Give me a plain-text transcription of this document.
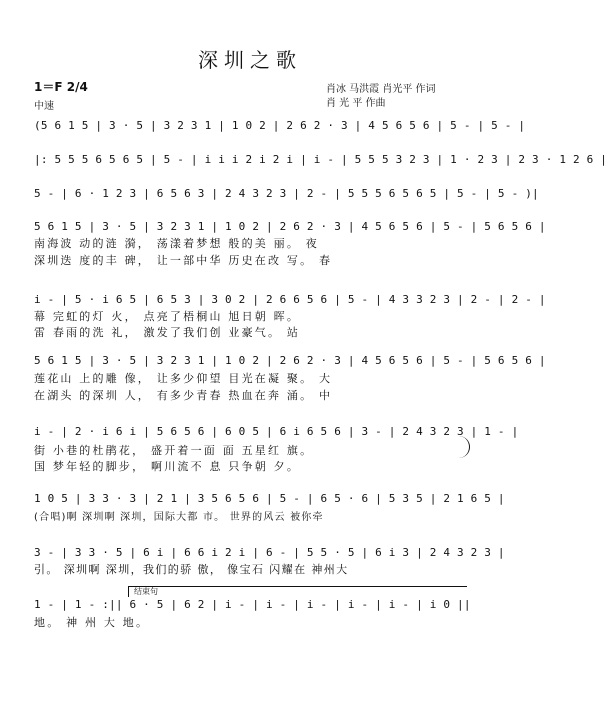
深圳之歌
1＝F 2/4
中速
肖冰 马洪霞 肖光平 作词
肖 光 平 作曲
(5 6 1 5 | 3 · 5 | 3 2 3 1 | 1 0 2 | 2 6 2 · 3 | 4 5 6 5 6 | 5 - | 5 - |
|: 5 5 5 6 5 6 5 | 5 - | i i i 2 i 2 i | i - | 5 5 5 3 2 3 | 1 · 2 3 | 2 3 · 1 2 6 |
5 - | 6 · 1 2 3 | 6 5 6 3 | 2 4 3 2 3 | 2 - | 5 5 5 6 5 6 5 | 5 - | 5 - )|
5 6 1 5 | 3 · 5 | 3 2 3 1 | 1 0 2 | 2 6 2 · 3 | 4 5 6 5 6 | 5 - | 5 6 5 6 |
南海波 动的涟 漪， 荡漾着梦想 般的美 丽。 夜
深圳迭 度的丰 碑， 让一部中华 历史在改 写。 春
i - | 5 · i 6 5 | 6 5 3 | 3 0 2 | 2 6 6 5 6 | 5 - | 4 3 3 2 3 | 2 - | 2 - |
幕 完虹的灯 火， 点亮了梧桐山 旭日朝 晖。
雷 春雨的洗 礼， 激发了我们创 业豪气。 站
5 6 1 5 | 3 · 5 | 3 2 3 1 | 1 0 2 | 2 6 2 · 3 | 4 5 6 5 6 | 5 - | 5 6 5 6 |
莲花山 上的雕 像， 让多少仰望 目光在凝 聚。 大
在湖头 的深圳 人， 有多少青春 热血在奔 涌。 中
i - | 2 · i 6 i | 5 6 5 6 | 6 0 5 | 6 i 6 5 6 | 3 - | 2 4 3 2 3 | 1 - |
街 小巷的杜鹃花， 盛开着一面 面 五星红 旗。
国 梦年轻的脚步， 啊川流不 息 只争朝 夕。
1 0 5 | 3 3 · 3 | 2 1 | 3 5 6 5 6 | 5 - | 6 5 · 6 | 5 3 5 | 2 1 6 5 |
(合唱)啊 深圳啊 深圳，国际大都 市。 世界的风云 被你牵
3 - | 3 3 · 5 | 6 i | 6 6 i 2 i | 6 - | 5 5 · 5 | 6 i 3 | 2 4 3 2 3 |
引。 深圳啊 深圳，我们的骄 傲， 像宝石 闪耀在 神州大
结束句
1 - | 1 - :|| 6 · 5 | 6 2 | i - | i - | i - | i - | i - | i 0 ||
地。 神 州 大 地。
